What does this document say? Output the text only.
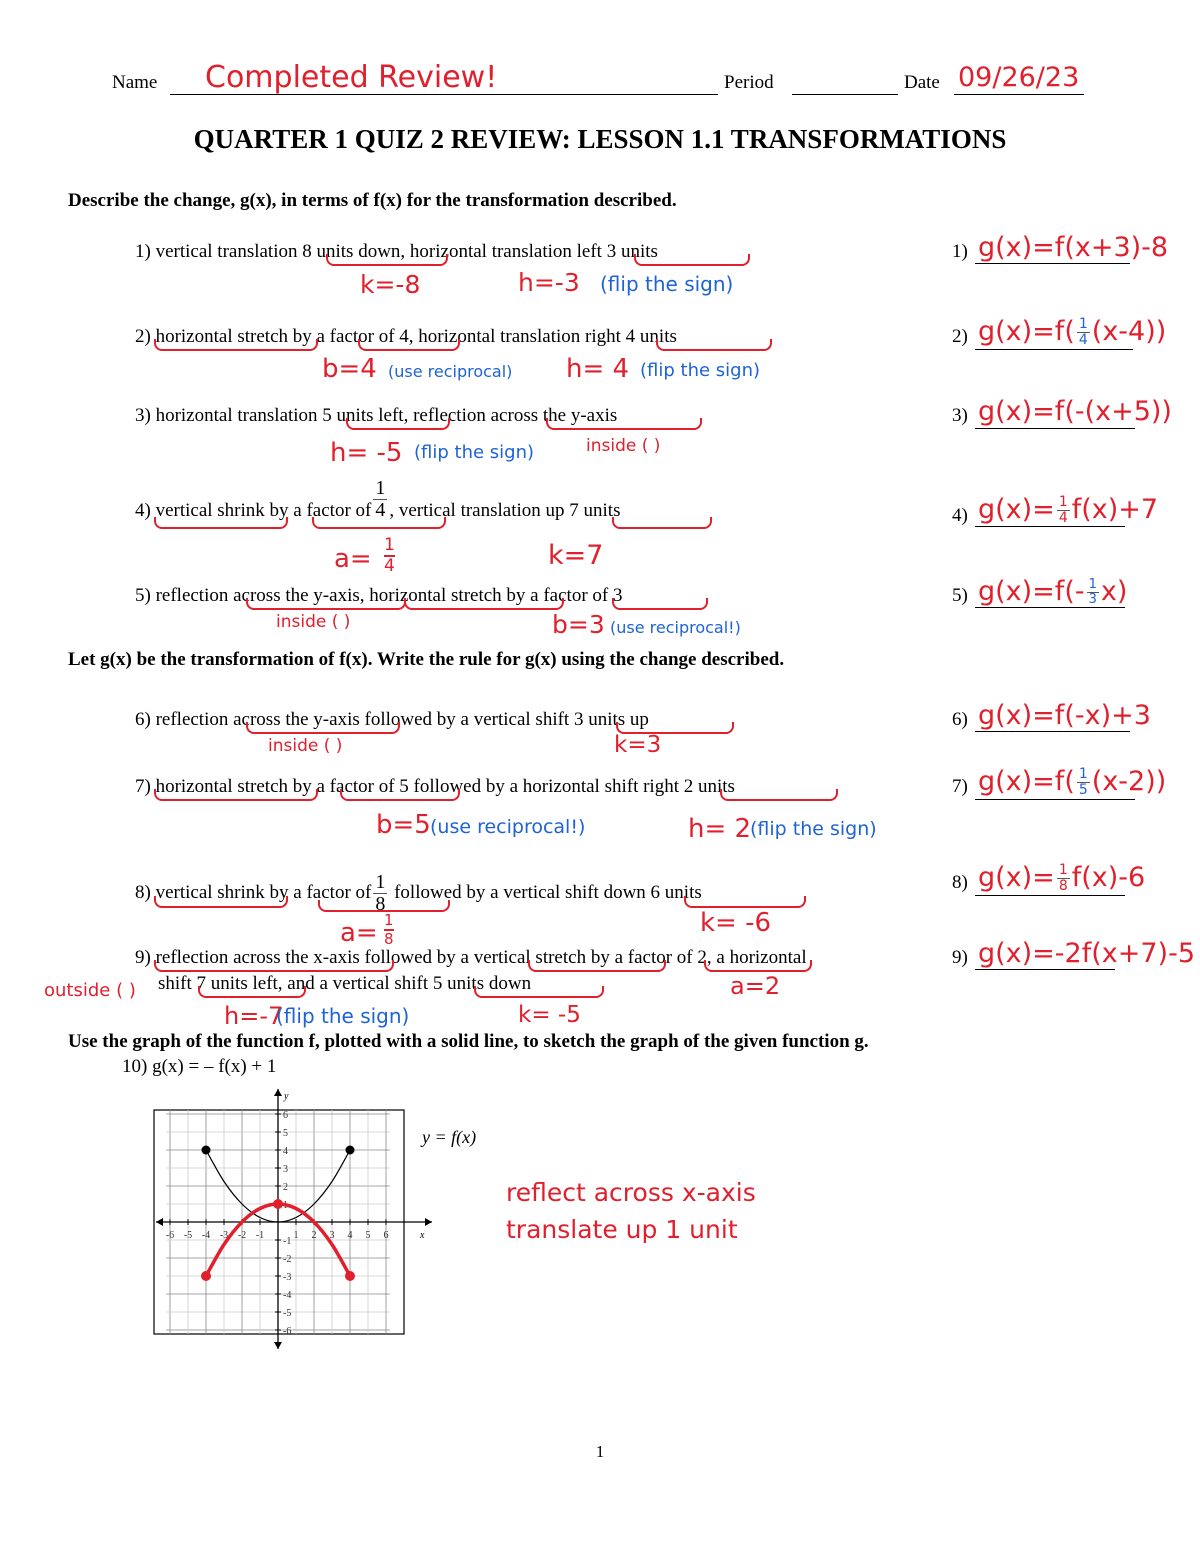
Name Completed Review!	Period	Date 09/26/23
QUARTER 1 QUIZ 2 REVIEW: LESSON 1.1 TRANSFORMATIONS
Describe the change, g(x), in terms of f(x) for the transformation described.
1) vertical translation 8 units down, horizontal translation left 3 units
k=-8	h=-3 (flip the sign)
1) g(x)=f(x+3)-8
2) horizontal stretch by a factor of 4, horizontal translation right 4 units
b=4 (use reciprocal) h= 4 (flip the sign)
2) $g(x)=f( \frac{1}{4} (x-4))$
3) horizontal translation 5 units left, reflection across the y-axis
h= -5 (flip the sign)	inside ( )
3) g(x)=f(-(x+5))
4) vertical shrink by a factor of $\frac{1}{4}$ , vertical translation up 7 units
$a= \frac{1}{4}$	k=7
4) $g(x)= \frac{1}{4} f(x)+7$
5) reflection across the y-axis, horizontal stretch by a factor of 3
inside ( )	b=3 (use reciprocal!)
5) $g(x)=f(- \frac{1}{3} x)$
Let g(x) be the transformation of f(x). Write the rule for g(x) using the change described.
6) reflection across the y-axis followed by a vertical shift 3 units up
inside ( )	k=3
6) g(x)=f(-x)+3
7) horizontal stretch by a factor of 5 followed by a horizontal shift right 2 units
b=5 (use reciprocal!)	h= 2
(flip the sign)
7) $g(x)=f( \frac{1}{5} (x-2))$
8) vertical shrink by a factor of $\frac{1}{8}$ followed by a vertical shift down 6 units
$a= \frac{1}{8}$	k= -6
8) $g(x)= \frac{1}{8} f(x)-6$
9) reflection across the x-axis followed by a vertical stretch by a factor of 2, a horizontal
shift 7 units left, and a vertical shift 5 units down
outside ( )
h=-7
(flip the sign)	k= -5
a=2
9) g(x)=-2f(x+7)-5
Use the graph of the function f, plotted with a solid line, to sketch the graph of the given function g.
10) g(x) = – f(x) + 1
-6 -5 -4 -3 -2 -1	1 2 3 4 5 6
-6
-5
-4
-3
-2
-1
1
2
3
4
5
6
x
y
y = f(x)
reflect across x-axis
translate up 1 unit
1
